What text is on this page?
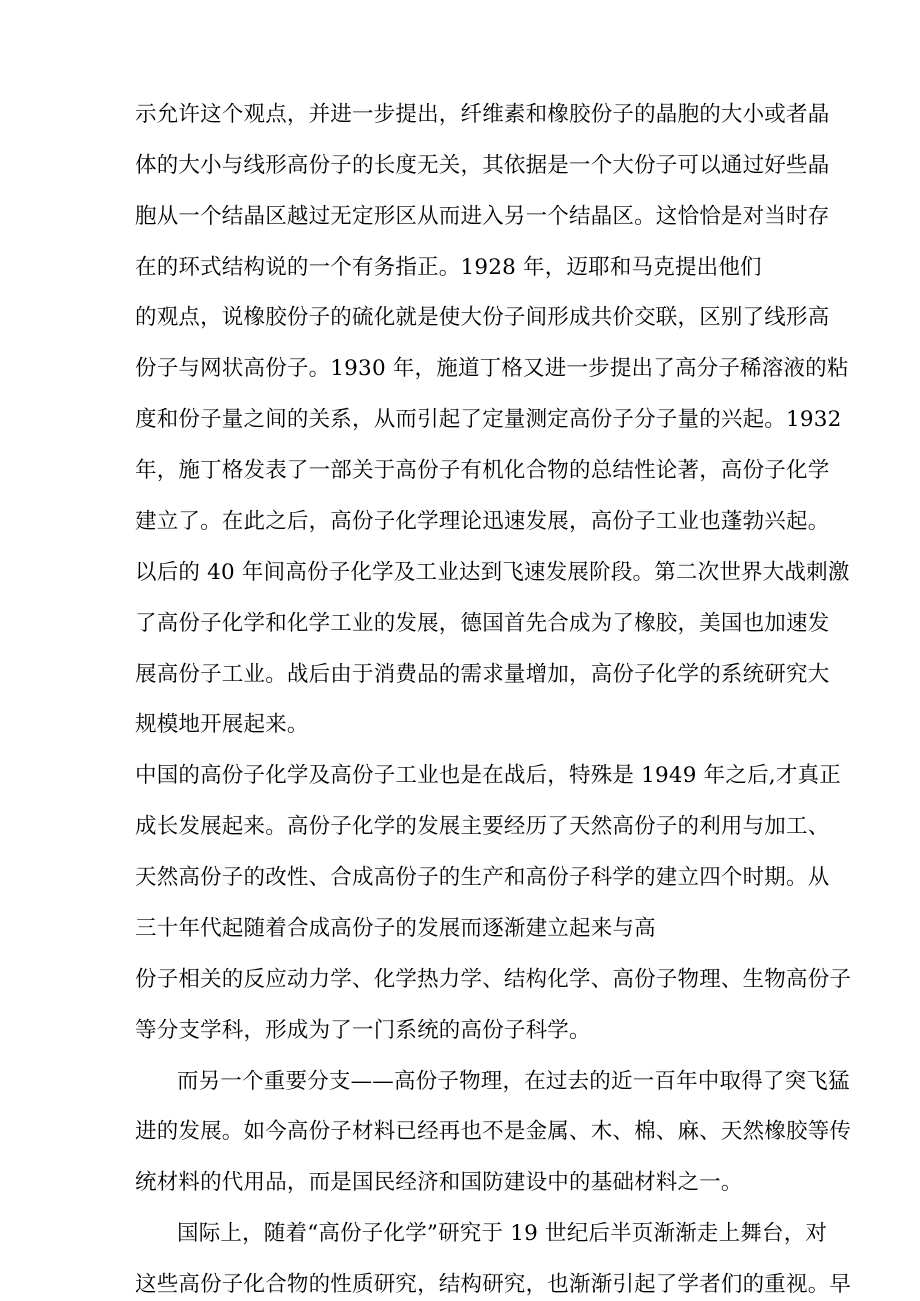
示允许这个观点，并进一步提出，纤维素和橡胶份子的晶胞的大小或者晶
体的大小与线形高份子的长度无关，其依据是一个大份子可以通过好些晶
胞从一个结晶区越过无定形区从而进入另一个结晶区。这恰恰是对当时存
在的环式结构说的一个有务指正。1928 年，迈耶和马克提出他们
的观点，说橡胶份子的硫化就是使大份子间形成共价交联，区别了线形高
份子与网状高份子。1930 年，施道丁格又进一步提出了高分子稀溶液的粘
度和份子量之间的关系，从而引起了定量测定高份子分子量的兴起。1932
年，施丁格发表了一部关于高份子有机化合物的总结性论著，高份子化学
建立了。在此之后，高份子化学理论迅速发展，高份子工业也蓬勃兴起。
以后的 40 年间高份子化学及工业达到飞速发展阶段。第二次世界大战刺激
了高份子化学和化学工业的发展，德国首先合成为了橡胶，美国也加速发
展高份子工业。战后由于消费品的需求量增加，高份子化学的系统研究大
规模地开展起来。
中国的高份子化学及高份子工业也是在战后，特殊是 1949 年之后,才真正
成长发展起来。高份子化学的发展主要经历了天然高份子的利用与加工、
天然高份子的改性、合成高份子的生产和高份子科学的建立四个时期。从
三十年代起随着合成高份子的发展而逐渐建立起来与高
份子相关的反应动力学、化学热力学、结构化学、高份子物理、生物高份子
等分支学科，形成为了一门系统的高份子科学。
而另一个重要分支——高份子物理，在过去的近一百年中取得了突飞猛
进的发展。如今高份子材料已经再也不是金属、木、棉、麻、天然橡胶等传
统材料的代用品，而是国民经济和国防建设中的基础材料之一。
国际上，随着“高份子化学”研究于 19 世纪后半页渐渐走上舞台，对
这些高份子化合物的性质研究，结构研究，也渐渐引起了学者们的重视。早
